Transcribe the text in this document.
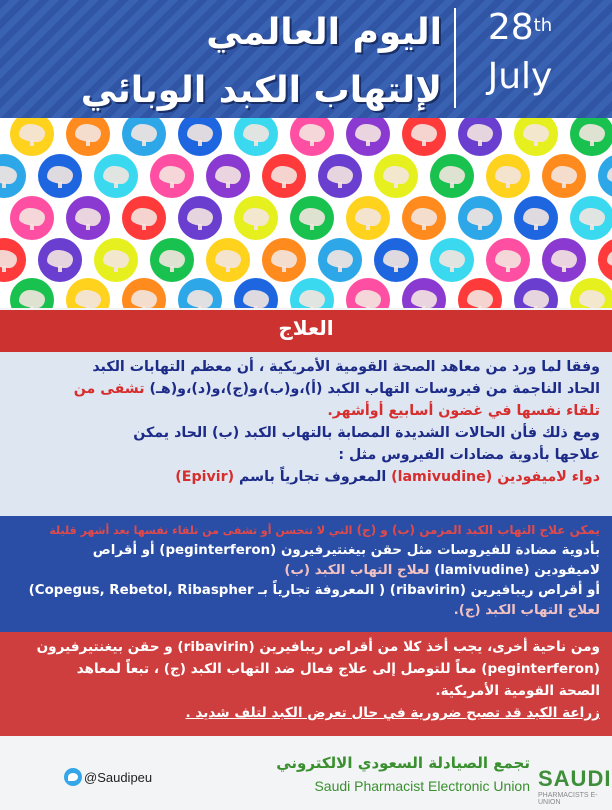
28th
July
اليوم العالمي
لإلتهاب الكبد الوبائي
العلاج

وفقا لما ورد من معاهد الصحة القومية الأمريكية ، أن معظم التهابات الكبد

الحاد الناجمة من فيروسات التهاب الكبد (أ)،و(ب)،و(ج)،و(د)،و(هـ) تشفى من

تلقاء نفسها في غضون أسابيع أوأشهر.

ومع ذلك فأن الحالات الشديدة المصابة بالتهاب الكبد (ب) الحاد يمكن

علاجها بأدوية مضادات الفيروس مثل :

دواء لاميفودين (lamivudine) المعروف تجارياً باسم (Epivir)

يمكن علاج التهاب الكبد المزمن (ب) و (ج) التي لا تتحسن أو تشفى من تلقاء نفسها بعد أشهر قليلة

بأدوية مضادة للفيروسات مثل حقن بيغنتيرفيرون (peginterferon) أو أقراص

لاميفودين (lamivudine) لعلاج التهاب الكبد (ب)

أو أقراص ريبافيرين (ribavirin) ( المعروفة تجارياً بـ Copegus, Rebetol, Ribaspher)

لعلاج التهاب الكبد (ج).

ومن ناحية أخرى، يجب أخذ كلا من أقراص ريبافيرين (ribavirin) و حقن بيغنتيرفيرون

(peginterferon) معاً للتوصل إلى علاج فعال ضد التهاب الكبد (ج) ، تبعاً لمعاهد

الصحة القومية الأمريكية.

زراعة الكبد قد تصبح ضرورية في حال تعرض الكبد لتلف شديد .

@Saudipeu
تجمع الصيادلة السعودي الالكتروني
Saudi Pharmacist Electronic Union SAUDI
PHARMACISTS E-UNION
